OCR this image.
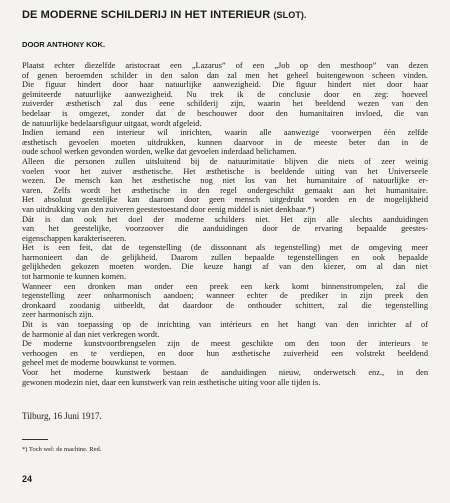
DE MODERNE SCHILDERIJ IN HET INTERIEUR (SLOT).
DOOR ANTHONY KOK.
Plaatst echter diezelfde aristocraat een „Lazarus” of een „Job op den mesthoop” van dezen
of genen beroemden schilder in den salon dan zal men het geheel buitengewoon scheen vinden.
Die figuur hindert door haar natuurlijke aanwezigheid. Die figuur hindert niet door haar
geïmiteerde natuurlijke aanwezigheid. Nu trek ik de conclusie door en zeg: hoeveel
zuiverder æsthetisch zal dus eene schilderij zijn, waarin het beeldend wezen van den
bedelaar is omgezet, zonder dat de beschouwer door den humanitairen invloed, die van
de natuurlijke bedelaarsfiguur uitgaat, wordt afgeleid.
Indien iemand een interieur wil inrichten, waarin alle aanwezige voorwerpen één zelfde
æsthetisch gevoelen moeten uitdrukken, kunnen daarvoor in de meeste beter dan in de
oude school werken gevonden worden, welke dat gevoelen inderdaad belichamen.
Alleen die personen zullen uitsluitend bij de natuurimitatie blijven die niets of zeer weinig
voelen voor het zuiver æsthetische. Het æsthetische is beeldende uiting van het Universeele
wezen. De mensch kan het æsthetische nog niet los van het humanitaire of natuurlijke er-
varen. Zelfs wordt het æsthetische in den regel ondergeschikt gemaakt aan het humanitaire.
Het absoluut geestelijke kan daarom door geen mensch uitgedrukt worden en de mogelijkheid
van uitdrukking van den zuiveren geestestoestand door eenig middel is niet denkbaar.*)
Dát is dan ook het doel der moderne schilders niet. Het zijn alle slechts aanduidingen
van het geestelijke, voorzoover die aanduidingen door de ervaring bepaalde geestes-
eigenschappen karakteriseeren.
Het is een feit, dat de tegenstelling (de dissonnant als tegenstelling) met de omgeving meer
harmonieert dan de gelijkheid. Daarom zullen bepaalde tegenstellingen en ook bepaalde
gelijkheden gekozen moeten worden. Die keuze hangt af van den kiezer, om al dan niet
tot harmonie te kunnen komen.
Wanneer een dronken man onder een preek een kerk komt binnenstrompelen, zal die
tegenstelling zeer onharmonisch aandoen; wanneer echter de prediker in zijn preek den
dronkaard zoodanig uitbeeldt, dat daardoor de onthouder schittert, zal die tegenstelling
zeer harmonisch zijn.
Dit is van toepassing op de inrichting van intérieurs en het hangt van den inrichter af of
de harmonie al dan niet verkregen wordt.
De moderne kunstvoortbrengselen zijn de meest geschikte om den toon der interieurs te
verhoogen en te verdiepen, en door hun æsthetische zuiverheid een volstrekt beeldend
geheel met de moderne bouwkunst te vormen.
Voor het moderne kunstwerk bestaan de aanduidingen nieuw, onderwetsch enz., in den
gewonen modezin niet, daar een kunstwerk van rein æsthetische uiting voor alle tijden is.
Tilburg, 16 Juni 1917.
*) Toch wel: de machine. Red.
24
